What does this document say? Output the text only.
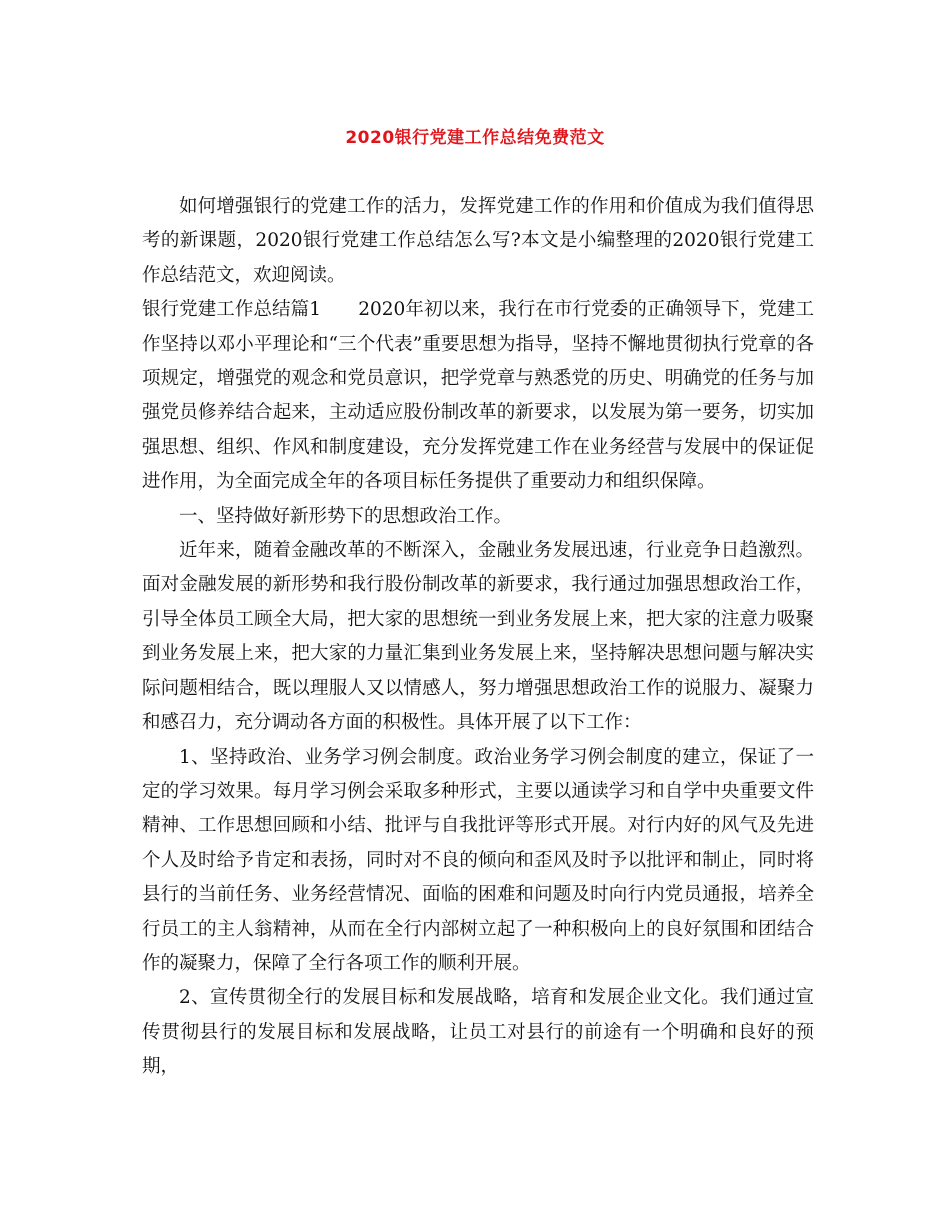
2020银行党建工作总结免费范文

如何增强银行的党建工作的活力，发挥党建工作的作用和价值成为我们值得思考的新课题，2020银行党建工作总结怎么写?本文是小编整理的2020银行党建工作总结范文，欢迎阅读。

银行党建工作总结篇1　　2020年初以来，我行在市行党委的正确领导下，党建工作坚持以邓小平理论和“三个代表”重要思想为指导，坚持不懈地贯彻执行党章的各项规定，增强党的观念和党员意识，把学党章与熟悉党的历史、明确党的任务与加强党员修养结合起来，主动适应股份制改革的新要求，以发展为第一要务，切实加强思想、组织、作风和制度建设，充分发挥党建工作在业务经营与发展中的保证促进作用，为全面完成全年的各项目标任务提供了重要动力和组织保障。

一、坚持做好新形势下的思想政治工作。

近年来，随着金融改革的不断深入，金融业务发展迅速，行业竞争日趋激烈。面对金融发展的新形势和我行股份制改革的新要求，我行通过加强思想政治工作，引导全体员工顾全大局，把大家的思想统一到业务发展上来，把大家的注意力吸聚到业务发展上来，把大家的力量汇集到业务发展上来，坚持解决思想问题与解决实际问题相结合，既以理服人又以情感人，努力增强思想政治工作的说服力、凝聚力和感召力，充分调动各方面的积极性。具体开展了以下工作：

1、坚持政治、业务学习例会制度。政治业务学习例会制度的建立，保证了一定的学习效果。每月学习例会采取多种形式，主要以通读学习和自学中央重要文件精神、工作思想回顾和小结、批评与自我批评等形式开展。对行内好的风气及先进个人及时给予肯定和表扬，同时对不良的倾向和歪风及时予以批评和制止，同时将县行的当前任务、业务经营情况、面临的困难和问题及时向行内党员通报，培养全行员工的主人翁精神，从而在全行内部树立起了一种积极向上的良好氛围和团结合作的凝聚力，保障了全行各项工作的顺利开展。

2、宣传贯彻全行的发展目标和发展战略，培育和发展企业文化。我们通过宣传贯彻县行的发展目标和发展战略，让员工对县行的前途有一个明确和良好的预期，
